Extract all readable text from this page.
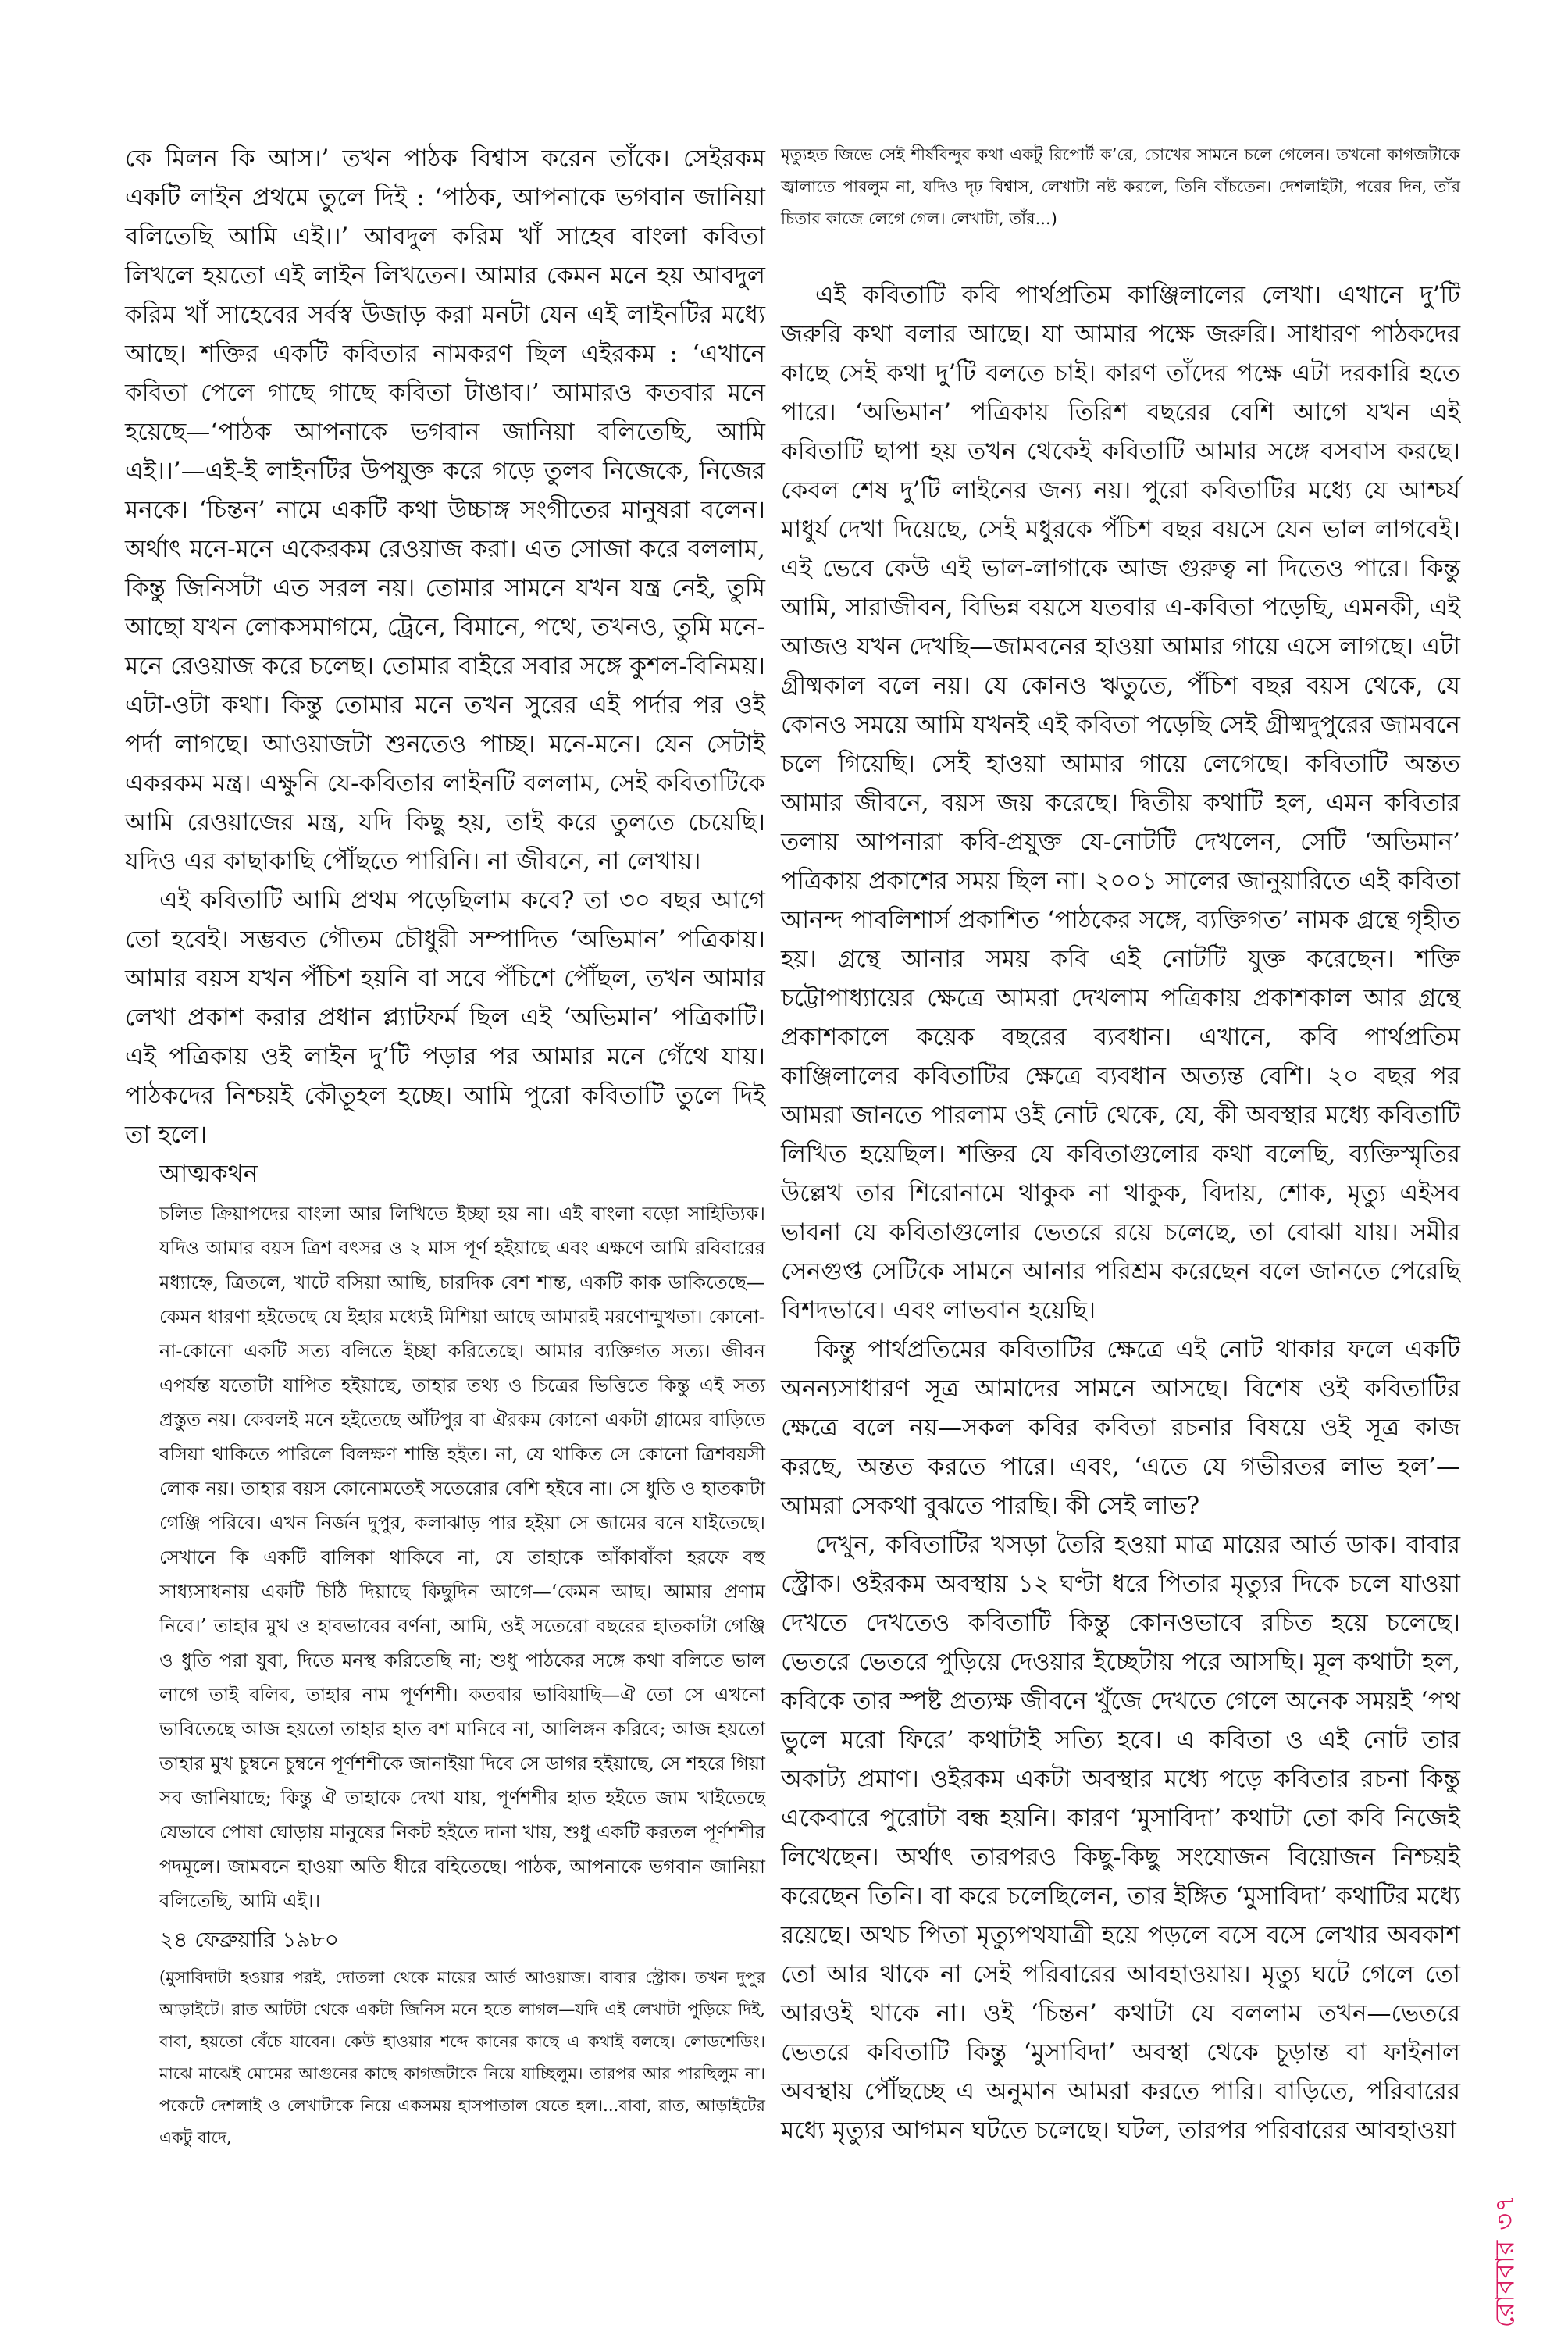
কে মিলন কি আস।’ তখন পাঠক বিশ্বাস করেন তাঁকে। সেইরকম একটি লাইন প্রথমে তুলে দিই : ‘পাঠক, আপনাকে ভগবান জানিয়া বলিতেছি আমি এই।।’ আবদুল করিম খাঁ সাহেব বাংলা কবিতা লিখলে হয়তো এই লাইন লিখতেন। আমার কেমন মনে হয় আবদুল করিম খাঁ সাহেবের সর্বস্ব উজাড় করা মনটা যেন এই লাইনটির মধ্যে আছে। শক্তির একটি কবিতার নামকরণ ছিল এইরকম : ‘এখানে কবিতা পেলে গাছে গাছে কবিতা টাঙাব।’ আমারও কতবার মনে হয়েছে—‘পাঠক আপনাকে ভগবান জানিয়া বলিতেছি, আমি এই।।’—এই-ই লাইনটির উপযুক্ত করে গড়ে তুলব নিজেকে, নিজের মনকে। ‘চিন্তন’ নামে একটি কথা উচ্চাঙ্গ সংগীতের মানুষরা বলেন। অর্থাৎ মনে-মনে একেরকম রেওয়াজ করা। এত সোজা করে বললাম, কিন্তু জিনিসটা এত সরল নয়। তোমার সামনে যখন যন্ত্র নেই, তুমি আছো যখন লোকসমাগমে, ট্রেনে, বিমানে, পথে, তখনও, তুমি মনে-মনে রেওয়াজ করে চলেছ। তোমার বাইরে সবার সঙ্গে কুশল-বিনিময়। এটা-ওটা কথা। কিন্তু তোমার মনে তখন সুরের এই পর্দার পর ওই পর্দা লাগছে। আওয়াজটা শুনতেও পাচ্ছ। মনে-মনে। যেন সেটাই একরকম মন্ত্র। এক্ষুনি যে-কবিতার লাইনটি বললাম, সেই কবিতাটিকে আমি রেওয়াজের মন্ত্র, যদি কিছু হয়, তাই করে তুলতে চেয়েছি। যদিও এর কাছাকাছি পৌঁছতে পারিনি। না জীবনে, না লেখায়।

এই কবিতাটি আমি প্রথম পড়েছিলাম কবে? তা ৩০ বছর আগে তো হবেই। সম্ভবত গৌতম চৌধুরী সম্পাদিত ‘অভিমান’ পত্রিকায়। আমার বয়স যখন পঁচিশ হয়নি বা সবে পঁচিশে পৌঁছল, তখন আমার লেখা প্রকাশ করার প্রধান প্ল্যাটফর্ম ছিল এই ‘অভিমান’ পত্রিকাটি। এই পত্রিকায় ওই লাইন দু’টি পড়ার পর আমার মনে গেঁথে যায়। পাঠকদের নিশ্চয়ই কৌতূহল হচ্ছে। আমি পুরো কবিতাটি তুলে দিই তা হলে।

আত্মকথন

চলিত ক্রিয়াপদের বাংলা আর লিখিতে ইচ্ছা হয় না। এই বাংলা বড়ো সাহিত্যিক। যদিও আমার বয়স ত্রিশ বৎসর ও ২ মাস পূর্ণ হইয়াছে এবং এক্ষণে আমি রবিবারের মধ্যাহ্নে, ত্রিতলে, খাটে বসিয়া আছি, চারদিক বেশ শান্ত, একটি কাক ডাকিতেছে—কেমন ধারণা হইতেছে যে ইহার মধ্যেই মিশিয়া আছে আমারই মরণোন্মুখতা। কোনো-না-কোনো একটি সত্য বলিতে ইচ্ছা করিতেছে। আমার ব্যক্তিগত সত্য। জীবন এপর্যন্ত যতোটা যাপিত হইয়াছে, তাহার তথ্য ও চিত্রের ভিত্তিতে কিন্তু এই সত্য প্রস্তুত নয়। কেবলই মনে হইতেছে আঁটপুর বা ঐরকম কোনো একটা গ্রামের বাড়িতে বসিয়া থাকিতে পারিলে বিলক্ষণ শান্তি হইত। না, যে থাকিত সে কোনো ত্রিশবয়সী লোক নয়। তাহার বয়স কোনোমতেই সতেরোর বেশি হইবে না। সে ধুতি ও হাতকাটা গেঞ্জি পরিবে। এখন নির্জন দুপুর, কলাঝাড় পার হইয়া সে জামের বনে যাইতেছে। সেখানে কি একটি বালিকা থাকিবে না, যে তাহাকে আঁকাবাঁকা হরফে বহু সাধ্যসাধনায় একটি চিঠি দিয়াছে কিছুদিন আগে—‘কেমন আছ। আমার প্রণাম নিবে।’ তাহার মুখ ও হাবভাবের বর্ণনা, আমি, ওই সতেরো বছরের হাতকাটা গেঞ্জি ও ধুতি পরা যুবা, দিতে মনস্থ করিতেছি না; শুধু পাঠকের সঙ্গে কথা বলিতে ভাল লাগে তাই বলিব, তাহার নাম পূর্ণশশী। কতবার ভাবিয়াছি—ঐ তো সে এখনো ভাবিতেছে আজ হয়তো তাহার হাত বশ মানিবে না, আলিঙ্গন করিবে; আজ হয়তো তাহার মুখ চুম্বনে চুম্বনে পূর্ণশশীকে জানাইয়া দিবে সে ডাগর হইয়াছে, সে শহরে গিয়া সব জানিয়াছে; কিন্তু ঐ তাহাকে দেখা যায়, পূর্ণশশীর হাত হইতে জাম খাইতেছে যেভাবে পোষা ঘোড়ায় মানুষের নিকট হইতে দানা খায়, শুধু একটি করতল পূর্ণশশীর পদমূলে। জামবনে হাওয়া অতি ধীরে বহিতেছে। পাঠক, আপনাকে ভগবান জানিয়া বলিতেছি, আমি এই।।

২৪ ফেব্রুয়ারি ১৯৮০

(মুসাবিদাটা হওয়ার পরই, দোতলা থেকে মায়ের আর্ত আওয়াজ। বাবার স্ট্রোক। তখন দুপুর আড়াইটে। রাত আটটা থেকে একটা জিনিস মনে হতে লাগল—যদি এই লেখাটা পুড়িয়ে দিই, বাবা, হয়তো বেঁচে যাবেন। কেউ হাওয়ার শব্দে কানের কাছে এ কথাই বলছে। লোডশেডিং। মাঝে মাঝেই মোমের আগুনের কাছে কাগজটাকে নিয়ে যাচ্ছিলুম। তারপর আর পারছিলুম না। পকেটে দেশলাই ও লেখাটাকে নিয়ে একসময় হাসপাতাল যেতে হল।...বাবা, রাত, আড়াইটের একটু বাদে,

মৃত্যুহত জিভে সেই শীর্ষবিন্দুর কথা একটু রিপোর্ট ক’রে, চোখের সামনে চলে গেলেন। তখনো কাগজটাকে জ্বালাতে পারলুম না, যদিও দৃঢ় বিশ্বাস, লেখাটা নষ্ট করলে, তিনি বাঁচতেন। দেশলাইটা, পরের দিন, তাঁর চিতার কাজে লেগে গেল। লেখাটা, তাঁর...)

এই কবিতাটি কবি পার্থপ্রতিম কাঞ্জিলালের লেখা। এখানে দু’টি জরুরি কথা বলার আছে। যা আমার পক্ষে জরুরি। সাধারণ পাঠকদের কাছে সেই কথা দু’টি বলতে চাই। কারণ তাঁদের পক্ষে এটা দরকারি হতে পারে। ‘অভিমান’ পত্রিকায় তিরিশ বছরের বেশি আগে যখন এই কবিতাটি ছাপা হয় তখন থেকেই কবিতাটি আমার সঙ্গে বসবাস করছে। কেবল শেষ দু’টি লাইনের জন্য নয়। পুরো কবিতাটির মধ্যে যে আশ্চর্য মাধুর্য দেখা দিয়েছে, সেই মধুরকে পঁচিশ বছর বয়সে যেন ভাল লাগবেই। এই ভেবে কেউ এই ভাল-লাগাকে আজ গুরুত্ব না দিতেও পারে। কিন্তু আমি, সারাজীবন, বিভিন্ন বয়সে যতবার এ-কবিতা পড়েছি, এমনকী, এই আজও যখন দেখছি—জামবনের হাওয়া আমার গায়ে এসে লাগছে। এটা গ্রীষ্মকাল বলে নয়। যে কোনও ঋতুতে, পঁচিশ বছর বয়স থেকে, যে কোনও সময়ে আমি যখনই এই কবিতা পড়েছি সেই গ্রীষ্মদুপুরের জামবনে চলে গিয়েছি। সেই হাওয়া আমার গায়ে লেগেছে। কবিতাটি অন্তত আমার জীবনে, বয়স জয় করেছে। দ্বিতীয় কথাটি হল, এমন কবিতার তলায় আপনারা কবি-প্রযুক্ত যে-নোটটি দেখলেন, সেটি ‘অভিমান’ পত্রিকায় প্রকাশের সময় ছিল না। ২০০১ সালের জানুয়ারিতে এই কবিতা আনন্দ পাবলিশার্স প্রকাশিত ‘পাঠকের সঙ্গে, ব্যক্তিগত’ নামক গ্রন্থে গৃহীত হয়। গ্রন্থে আনার সময় কবি এই নোটটি যুক্ত করেছেন। শক্তি চট্টোপাধ্যায়ের ক্ষেত্রে আমরা দেখলাম পত্রিকায় প্রকাশকাল আর গ্রন্থে প্রকাশকালে কয়েক বছরের ব্যবধান। এখানে, কবি পার্থপ্রতিম কাঞ্জিলালের কবিতাটির ক্ষেত্রে ব্যবধান অত্যন্ত বেশি। ২০ বছর পর আমরা জানতে পারলাম ওই নোট থেকে, যে, কী অবস্থার মধ্যে কবিতাটি লিখিত হয়েছিল। শক্তির যে কবিতাগুলোর কথা বলেছি, ব্যক্তিস্মৃতির উল্লেখ তার শিরোনামে থাকুক না থাকুক, বিদায়, শোক, মৃত্যু এইসব ভাবনা যে কবিতাগুলোর ভেতরে রয়ে চলেছে, তা বোঝা যায়। সমীর সেনগুপ্ত সেটিকে সামনে আনার পরিশ্রম করেছেন বলে জানতে পেরেছি বিশদভাবে। এবং লাভবান হয়েছি।

কিন্তু পার্থপ্রতিমের কবিতাটির ক্ষেত্রে এই নোট থাকার ফলে একটি অনন্যসাধারণ সূত্র আমাদের সামনে আসছে। বিশেষ ওই কবিতাটির ক্ষেত্রে বলে নয়—সকল কবির কবিতা রচনার বিষয়ে ওই সূত্র কাজ করছে, অন্তত করতে পারে। এবং, ‘এতে যে গভীরতর লাভ হল’—আমরা সেকথা বুঝতে পারছি। কী সেই লাভ?

দেখুন, কবিতাটির খসড়া তৈরি হওয়া মাত্র মায়ের আর্ত ডাক। বাবার স্ট্রোক। ওইরকম অবস্থায় ১২ ঘণ্টা ধরে পিতার মৃত্যুর দিকে চলে যাওয়া দেখতে দেখতেও কবিতাটি কিন্তু কোনওভাবে রচিত হয়ে চলেছে। ভেতরে ভেতরে পুড়িয়ে দেওয়ার ইচ্ছেটায় পরে আসছি। মূল কথাটা হল, কবিকে তার স্পষ্ট প্রত্যক্ষ জীবনে খুঁজে দেখতে গেলে অনেক সময়ই ‘পথ ভুলে মরো ফিরে’ কথাটাই সত্যি হবে। এ কবিতা ও এই নোট তার অকাট্য প্রমাণ। ওইরকম একটা অবস্থার মধ্যে পড়ে কবিতার রচনা কিন্তু একেবারে পুরোটা বন্ধ হয়নি। কারণ ‘মুসাবিদা’ কথাটা তো কবি নিজেই লিখেছেন। অর্থাৎ তারপরও কিছু-কিছু সংযোজন বিয়োজন নিশ্চয়ই করেছেন তিনি। বা করে চলেছিলেন, তার ইঙ্গিত ‘মুসাবিদা’ কথাটির মধ্যে রয়েছে। অথচ পিতা মৃত্যুপথযাত্রী হয়ে পড়লে বসে বসে লেখার অবকাশ তো আর থাকে না সেই পরিবারের আবহাওয়ায়। মৃত্যু ঘটে গেলে তো আরওই থাকে না। ওই ‘চিন্তন’ কথাটা যে বললাম তখন—ভেতরে ভেতরে কবিতাটি কিন্তু ‘মুসাবিদা’ অবস্থা থেকে চূড়ান্ত বা ফাইনাল অবস্থায় পৌঁছচ্ছে এ অনুমান আমরা করতে পারি। বাড়িতে, পরিবারের মধ্যে মৃত্যুর আগমন ঘটতে চলেছে। ঘটল, তারপর পরিবারের আবহাওয়া

রোববার ৩৭
